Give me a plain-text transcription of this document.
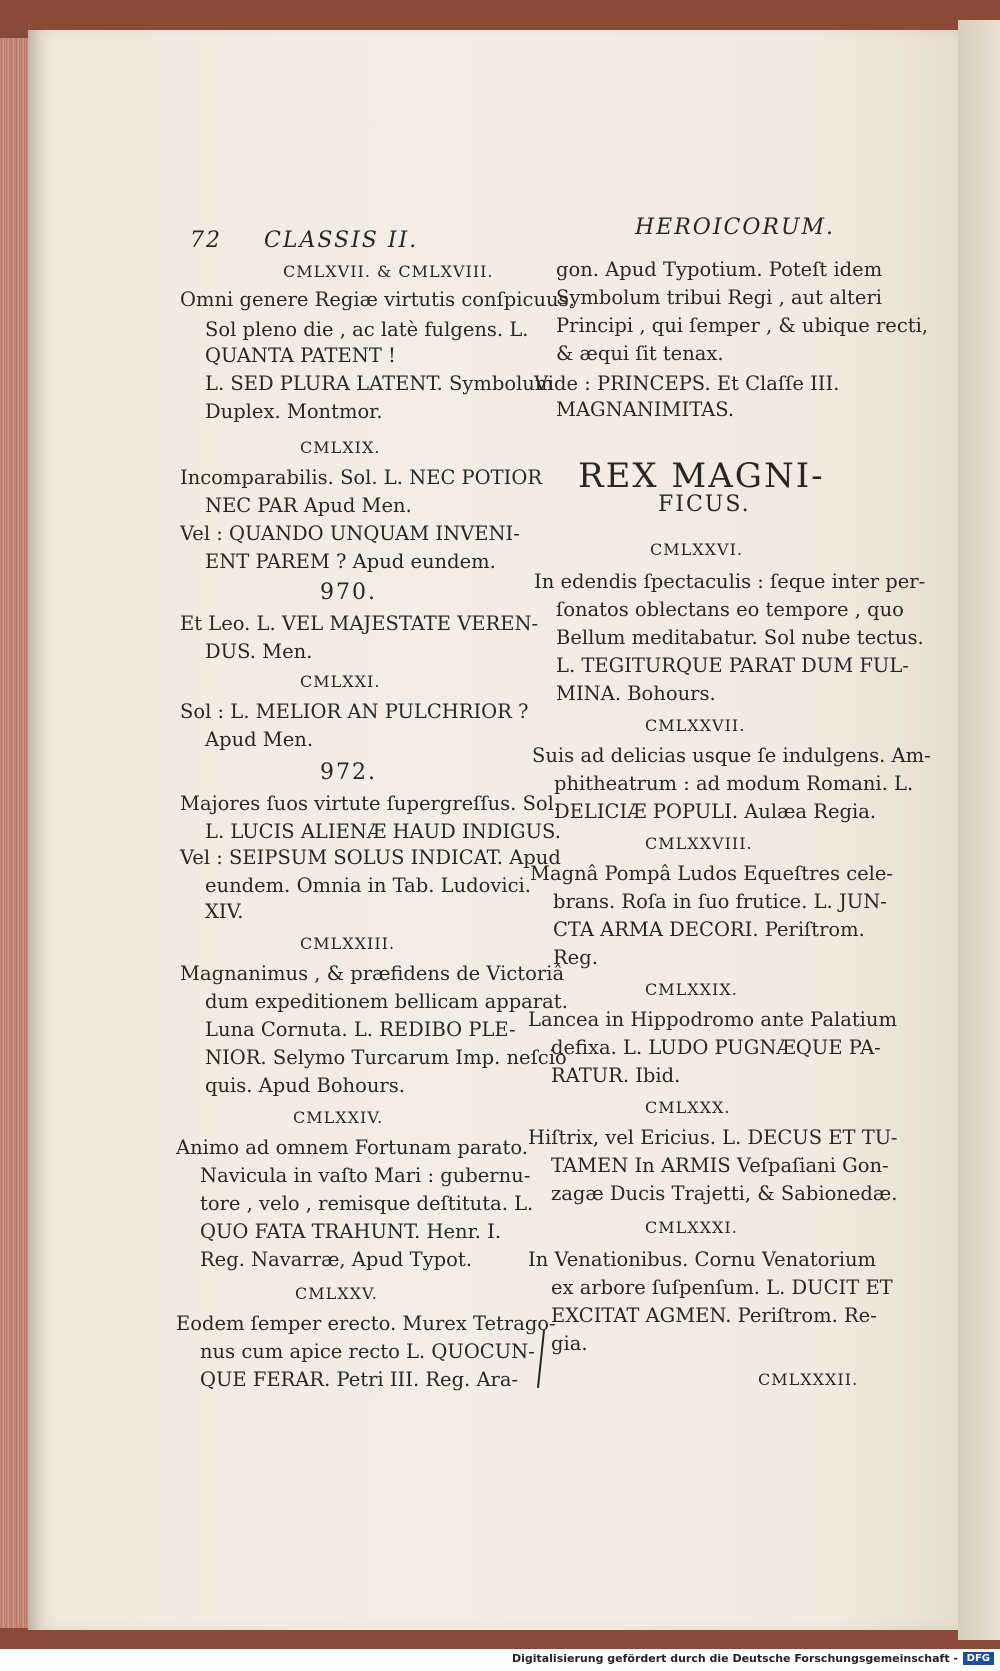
72 CLASSIS II.
HEROICORUM.
CMLXVII. & CMLXVIII.
Omni genere Regiæ virtutis conſpicuus.
Sol pleno die , ac latè fulgens. L.
QUANTA PATENT !
L. SED PLURA LATENT. Symbolum
Duplex. Montmor.
CMLXIX.
Incomparabilis. Sol. L. NEC POTIOR
NEC PAR Apud Men.
Vel : QUANDO UNQUAM INVENI-
ENT PAREM ? Apud eundem.
970.
Et Leo. L. VEL MAJESTATE VEREN-
DUS. Men.
CMLXXI.
Sol : L. MELIOR AN PULCHRIOR ?
Apud Men.
972.
Majores ſuos virtute ſupergreſſus. Sol.
L. LUCIS ALIENÆ HAUD INDIGUS.
Vel : SEIPSUM SOLUS INDICAT. Apud
eundem. Omnia in Tab. Ludovici.
XIV.
CMLXXIII.
Magnanimus , & præfidens de Victoriâ
dum expeditionem bellicam apparat.
Luna Cornuta. L. REDIBO PLE-
NIOR. Selymo Turcarum Imp. neſcio
quis. Apud Bohours.
CMLXXIV.
Animo ad omnem Fortunam parato.
Navicula in vaſto Mari : gubernu-
tore , velo , remisque deſtituta. L.
QUO FATA TRAHUNT. Henr. I.
Reg. Navarræ, Apud Typot.
CMLXXV.
Eodem ſemper erecto. Murex Tetrago-
nus cum apice recto L. QUOCUN-
QUE FERAR. Petri III. Reg. Ara-
gon. Apud Typotium. Poteſt idem
Symbolum tribui Regi , aut alteri
Principi , qui ſemper , & ubique recti,
& æqui ſit tenax.
Vide : PRINCEPS. Et Claſſe III.
MAGNANIMITAS.
REX MAGNI-
FICUS.
CMLXXVI.
In edendis ſpectaculis : ſeque inter per-
ſonatos oblectans eo tempore , quo
Bellum meditabatur. Sol nube tectus.
L. TEGITURQUE PARAT DUM FUL-
MINA. Bohours.
CMLXXVII.
Suis ad delicias usque ſe indulgens. Am-
phitheatrum : ad modum Romani. L.
DELICIÆ POPULI. Aulæa Regia.
CMLXXVIII.
Magnâ Pompâ Ludos Equeſtres cele-
brans. Roſa in ſuo frutice. L. JUN-
CTA ARMA DECORI. Periſtrom.
Reg.
CMLXXIX.
Lancea in Hippodromo ante Palatium
defixa. L. LUDO PUGNÆQUE PA-
RATUR. Ibid.
CMLXXX.
Hiſtrix, vel Ericius. L. DECUS ET TU-
TAMEN In ARMIS Veſpaſiani Gon-
zagæ Ducis Trajetti, & Sabionedæ.
CMLXXXI.
In Venationibus. Cornu Venatorium
ex arbore ſuſpenſum. L. DUCIT ET
EXCITAT AGMEN. Periſtrom. Re-
gia.
CMLXXXII.
Digitalisierung gefördert durch die Deutsche Forschungsgemeinschaft - DFG
